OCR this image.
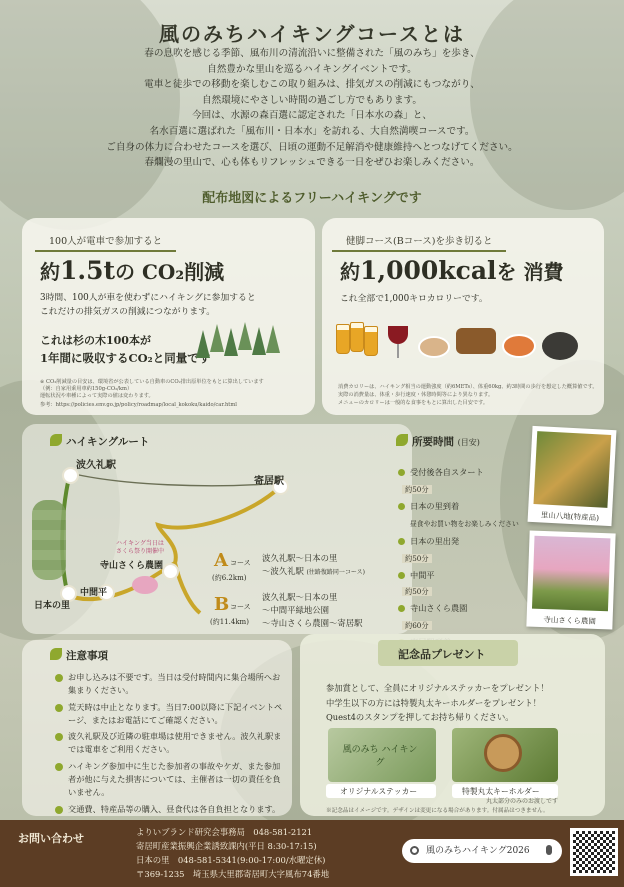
風のみちハイキングコースとは

春の息吹を感じる季節、風布川の清流沿いに整備された「風のみち」を歩き、

自然豊かな里山を巡るハイキングイベントです。

電車と徒歩での移動を楽しむこの取り組みは、排気ガスの削減にもつながり、

自然環境にやさしい時間の過ごし方でもあります。

今回は、水源の森百選に認定された「日本水の森」と、

名水百選に選ばれた「風布川・日本水」を訪れる、大自然満喫コースです。

ご自身の体力に合わせたコースを選び、日頃の運動不足解消や健康維持へとつなげてください。

春爛漫の里山で、心も体もリフレッシュできる一日をぜひお楽しみください。

配布地図によるフリーハイキングです
100人が電車で参加すると
約1.5tの CO₂削減
3時間、100人が車を使わずにハイキングに参加すると
これだけの排気ガスの削減につながります。
これは杉の木100本が
1年間に吸収するCO₂と同量です
※ CO₂削減量の目安は、環境省が公表している自動車のCO₂排出原単位をもとに算出しています
（例：自家用乗用車約150g-CO₂/km）
運転状況や車種によって実際の値は変わります。
参考：https://policies.env.go.jp/policy/roadmap/local_kokoku/kaido/car.html
健脚コース(Bコース)を歩き切ると
約1,000kcalを 消費
これ全部で1,000キロカロリーです。
消費カロリーは、ハイキング相当の運動強度（約6METs）、体重60kg、約3時間の歩行を想定した概算値です。
実際の消費量は、体重・歩行速度・休憩時間等により異なります。
メニューのカロリーは一般的な食事をもとに算出した目安です。
ハイキングルート
波久礼駅
寄居駅
日本の里
中間平
寺山さくら農園
ハイキング当日は
さくら祭り開催中	A コース
(約6.2km)
波久礼駅～日本の里
～波久礼駅 (往路復路同一コース)
B コース
(約11.4km)
波久礼駅～日本の里
～中間平緑地公園
～寺山さくら農園～寄居駅
所要時間 (目安)
受付後各自スタート
約50分
日本の里到着
昼食やお買い物をお楽しみください
日本の里出発
約50分
中間平
約50分
寺山さくら農園
約60分
里山八地(特産品)
寺山さくら農園
注意事項
お申し込みは不要です。当日は受付時間内に集合場所へお集まりください。
荒天時は中止となります。当日7:00以降に下記イベントページ、またはお電話にてご確認ください。
波久礼駅及び近隣の駐車場は使用できません。波久礼駅までは電車をご利用ください。
ハイキング参加中に生じた参加者の事故やケガ、また参加者が他に与えた損害については、主催者は一切の責任を負いません。
交通費、特産品等の購入、昼食代は各自負担となります。
記念品プレゼント
参加賞として、全員にオリジナルステッカーをプレゼント！
中学生以下の方には特製丸太キーホルダーをプレゼント！
Quest4のスタンプを押してお持ち帰りください。
風のみち ハイキング
オリジナルステッカー	特製丸太キーホルダー
丸太部分のみのお渡しです
※記念品はイメージです。デザインは変更になる場合があります。付属品はつきません。
お問い合わせ	よりいブランド研究会事務局　048-581-2121
寄居町産業振興企業誘致課内(平日 8:30-17:15)
日本の里　048-581-5341(9:00-17:00/水曜定休)
〒369-1235　埼玉県大里郡寄居町大字風布74番地
風のみちハイキング2026
